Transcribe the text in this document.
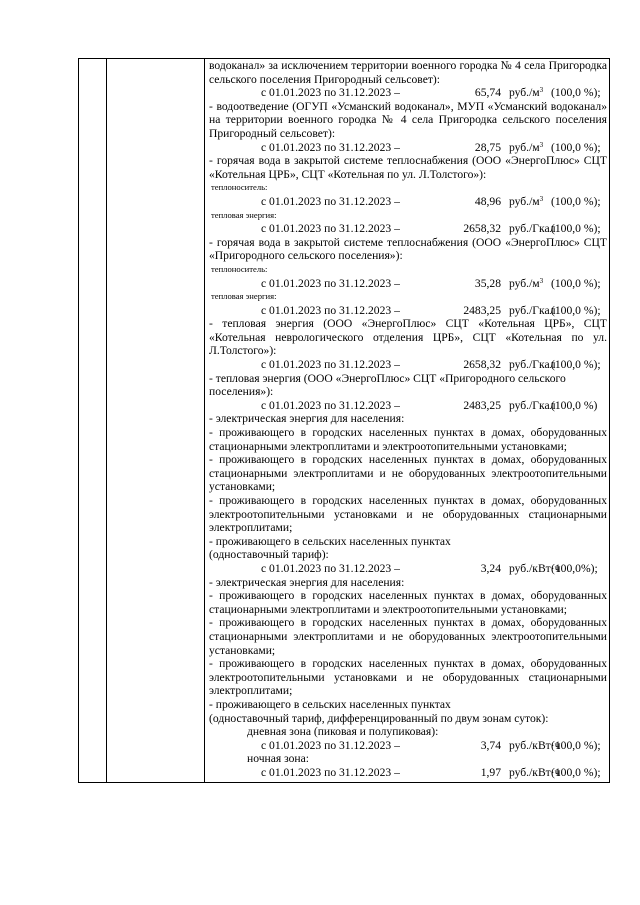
водоканал» за исключением территории военного городка № 4 села Пригородка сельского поселения Пригородный сельсовет):
с 01.01.2023 по 31.12.2023 –	65,74 $руб./м^3$ (100,0 %);
- водоотведение (ОГУП «Усманский водоканал», МУП «Усманский водоканал» на территории военного городка № 4 села Пригородка сельского поселения Пригородный сельсовет):
с 01.01.2023 по 31.12.2023 –	28,75 $руб./м^3$ (100,0 %);
- горячая вода в закрытой системе теплоснабжения (ООО «ЭнергоПлюс» СЦТ «Котельная ЦРБ», СЦТ «Котельная по ул. Л.Толстого»):
теплоноситель:
с 01.01.2023 по 31.12.2023 –	48,96 $руб./м^3$ (100,0 %);
тепловая энергия:
с 01.01.2023 по 31.12.2023 –	2658,32 руб./Гкал
(100,0 %);
- горячая вода в закрытой системе теплоснабжения (ООО «ЭнергоПлюс» СЦТ «Пригородного сельского поселения»):
теплоноситель:
с 01.01.2023 по 31.12.2023 –	35,28 $руб./м^3$ (100,0 %);
тепловая энергия:
с 01.01.2023 по 31.12.2023 –	2483,25 руб./Гкал
(100,0 %);
- тепловая энергия (ООО «ЭнергоПлюс» СЦТ «Котельная ЦРБ», СЦТ «Котельная неврологического отделения ЦРБ», СЦТ «Котельная по ул. Л.Толстого»):
с 01.01.2023 по 31.12.2023 –	2658,32 руб./Гкал
(100,0 %);
- тепловая энергия (ООО «ЭнергоПлюс» СЦТ «Пригородного сельского поселения»):
с 01.01.2023 по 31.12.2023 –	2483,25 руб./Гкал
(100,0 %)
- электрическая энергия для населения:
- проживающего в городских населенных пунктах в домах, оборудованных стационарными электроплитами и электроотопительными установками;
- проживающего в городских населенных пунктах в домах, оборудованных стационарными электроплитами и не оборудованных электроотопительными установками;
- проживающего в городских населенных пунктах в домах, оборудованных электроотопительными установками и не оборудованных стационарными электроплитами;
- проживающего в сельских населенных пунктах
(одноставочный тариф):
с 01.01.2023 по 31.12.2023 –	3,24 руб./кВт·ч
(100,0%);
- электрическая энергия для населения:
- проживающего в городских населенных пунктах в домах, оборудованных стационарными электроплитами и электроотопительными установками;
- проживающего в городских населенных пунктах в домах, оборудованных стационарными электроплитами и не оборудованных электроотопительными установками;
- проживающего в городских населенных пунктах в домах, оборудованных электроотопительными установками и не оборудованных стационарными электроплитами;
- проживающего в сельских населенных пунктах
(одноставочный тариф, дифференцированный по двум зонам суток):
дневная зона (пиковая и полупиковая):
с 01.01.2023 по 31.12.2023 –	3,74 руб./кВт·ч
(100,0 %);
ночная зона:
с 01.01.2023 по 31.12.2023 –	1,97 руб./кВт·ч
(100,0 %);
